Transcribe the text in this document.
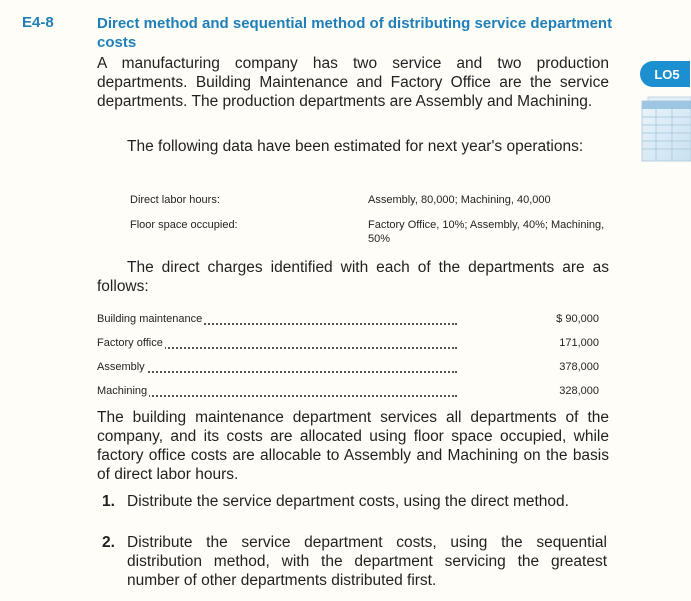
E4-8	Direct method and sequential method of distributing service department costs
LO5
A manufacturing company has two service and two production departments. Building Maintenance and Factory Office are the service departments. The production departments are Assembly and Machining.
The following data have been estimated for next year's operations:
Direct labor hours:	Assembly, 80,000; Machining, 40,000
Floor space occupied:	Factory Office, 10%; Assembly, 40%; Machining, 50%
The direct charges identified with each of the departments are as follows:
Building maintenance	$ 90,000
Factory office	171,000
Assembly	378,000
Machining	328,000
The building maintenance department services all departments of the company, and its costs are allocated using floor space occupied, while factory office costs are allocable to Assembly and Machining on the basis of direct labor hours.
1. Distribute the service department costs, using the direct method.
2. Distribute the service department costs, using the sequential distribution method, with the department servicing the greatest number of other departments distributed first.
